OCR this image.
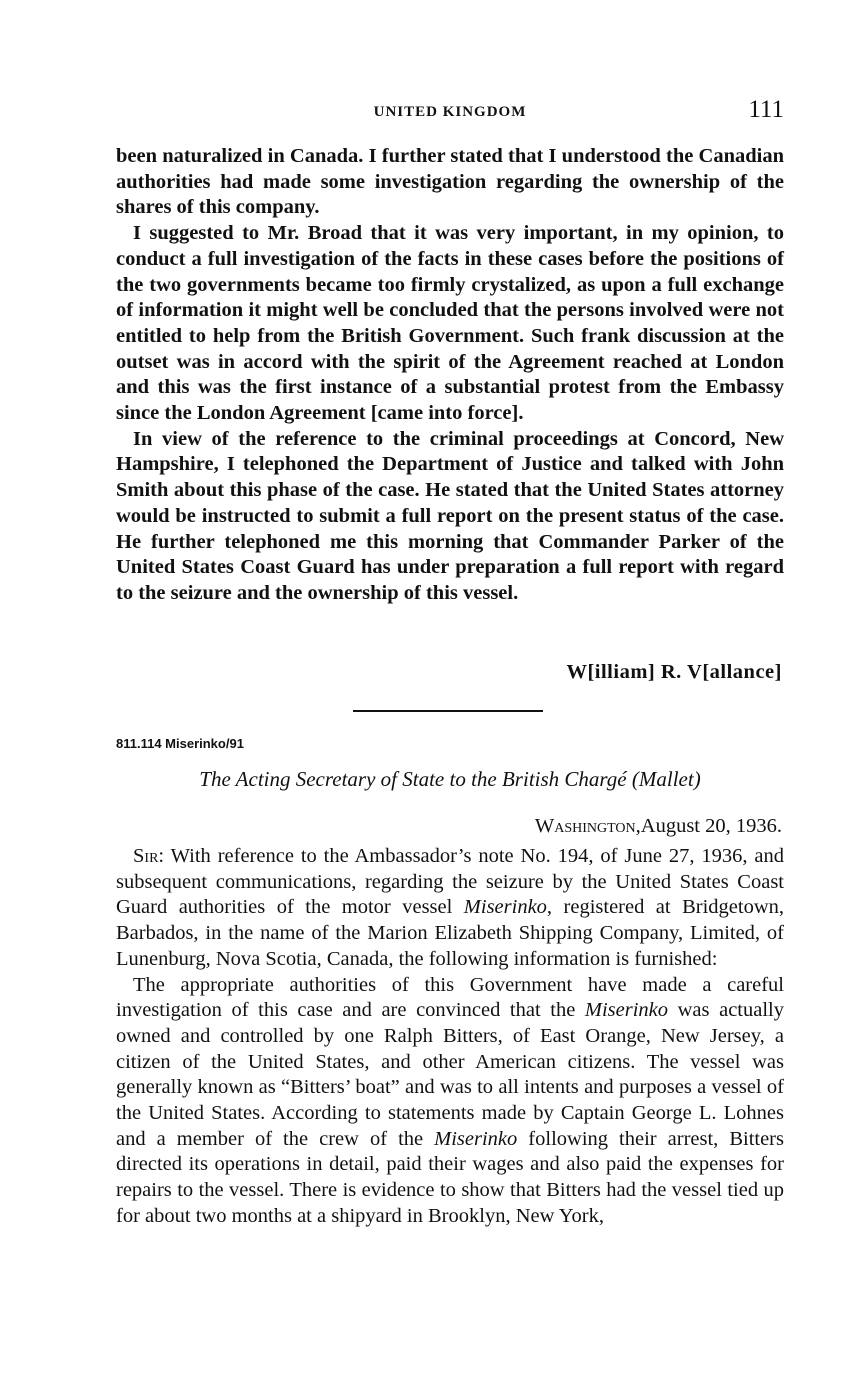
UNITED KINGDOM	111

been naturalized in Canada. I further stated that I understood the Canadian authorities had made some investigation regarding the ownership of the shares of this company.

I suggested to Mr. Broad that it was very important, in my opinion, to conduct a full investigation of the facts in these cases before the positions of the two governments became too firmly crystalized, as upon a full exchange of information it might well be concluded that the persons involved were not entitled to help from the British Government. Such frank discussion at the outset was in accord with the spirit of the Agreement reached at London and this was the first instance of a substantial protest from the Embassy since the London Agreement [came into force].

In view of the reference to the criminal proceedings at Concord, New Hampshire, I telephoned the Department of Justice and talked with John Smith about this phase of the case. He stated that the United States attorney would be instructed to submit a full report on the present status of the case. He further telephoned me this morning that Commander Parker of the United States Coast Guard has under preparation a full report with regard to the seizure and the ownership of this vessel.

W[illiam] R. V[allance]
811.114 Miserinko/91
The Acting Secretary of State to the British Chargé (Mallet)
Washington,August 20, 1936.

Sir: With reference to the Ambassador’s note No. 194, of June 27, 1936, and subsequent communications, regarding the seizure by the United States Coast Guard authorities of the motor vessel Miserinko, registered at Bridgetown, Barbados, in the name of the Marion Elizabeth Shipping Company, Limited, of Lunenburg, Nova Scotia, Canada, the following information is furnished:

The appropriate authorities of this Government have made a careful investigation of this case and are convinced that the Miserinko was actually owned and controlled by one Ralph Bitters, of East Orange, New Jersey, a citizen of the United States, and other American citizens. The vessel was generally known as “Bitters’ boat” and was to all intents and purposes a vessel of the United States. According to statements made by Captain George L. Lohnes and a member of the crew of the Miserinko following their arrest, Bitters directed its operations in detail, paid their wages and also paid the expenses for repairs to the vessel. There is evidence to show that Bitters had the vessel tied up for about two months at a shipyard in Brooklyn, New York,
